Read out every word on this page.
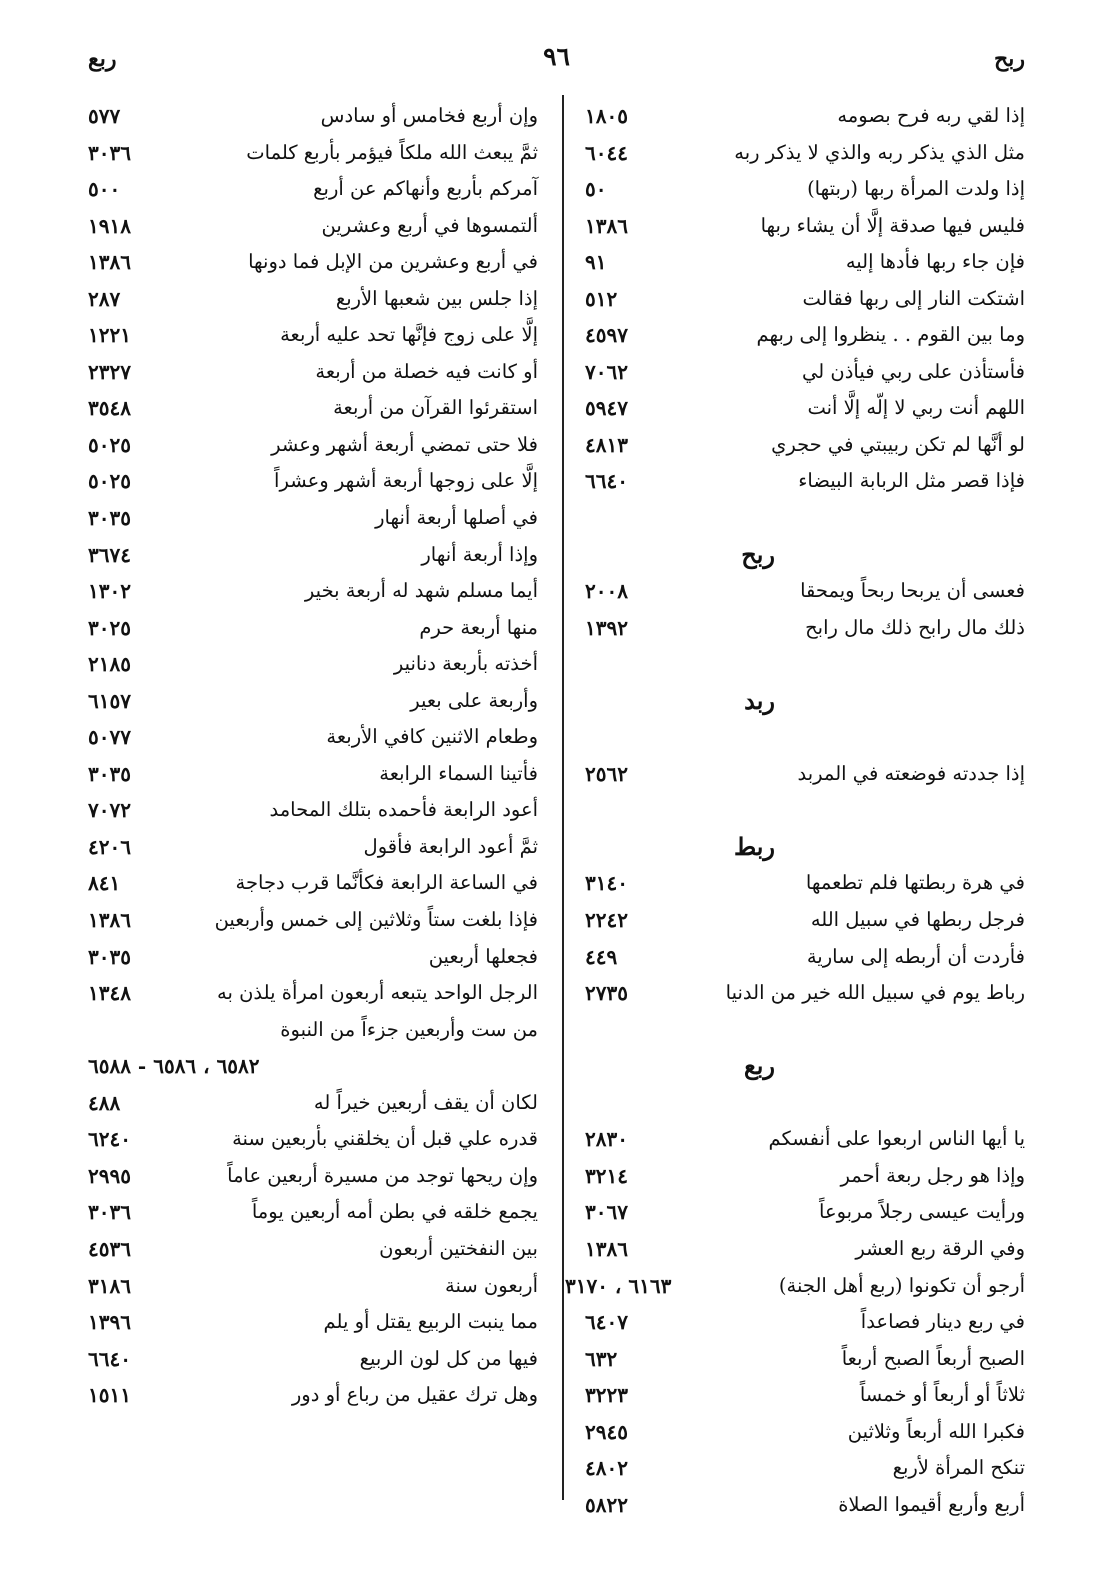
ربح
٩٦
ربع
إذا لقي ربه فرح بصومه
١٨٠٥
مثل الذي يذكر ربه والذي لا يذكر ربه
٦٠٤٤
إذا ولدت المرأة ربها (ربتها)
٥٠
فليس فيها صدقة إلَّا أن يشاء ربها
١٣٨٦
فإن جاء ربها فأدها إليه
٩١
اشتكت النار إلى ربها فقالت
٥١٢
وما بين القوم . . ينظروا إلى ربهم
٤٥٩٧
فأستأذن على ربي فيأذن لي
٧٠٦٢
اللهم أنت ربي لا إلّه إلَّا أنت
٥٩٤٧
لو أنَّها لم تكن ربيبتي في حجري
٤٨١٣
فإذا قصر مثل الربابة البيضاء
٦٦٤٠
ربح
فعسى أن يربحا ربحاً ويمحقا
٢٠٠٨
ذلك مال رابح ذلك مال رابح
١٣٩٢
ربد
إذا جددته فوضعته في المربد
٢٥٦٢
ربط
في هرة ربطتها فلم تطعمها
٣١٤٠
فرجل ربطها في سبيل الله
٢٢٤٢
فأردت أن أربطه إلى سارية
٤٤٩
رباط يوم في سبيل الله خير من الدنيا
٢٧٣٥
ربع
يا أيها الناس اربعوا على أنفسكم
٢٨٣٠
وإذا هو رجل ربعة أحمر
٣٢١٤
ورأيت عيسى رجلاً مربوعاً
٣٠٦٧
وفي الرقة ربع العشر
١٣٨٦
أرجو أن تكونوا (ربع أهل الجنة)
٦١٦٣ ، ٣١٧٠
في ربع دينار فصاعداً
٦٤٠٧
الصبح أربعاً الصبح أربعاً
٦٣٢
ثلاثاً أو أربعاً أو خمساً
٣٢٢٣
فكبرا الله أربعاً وثلاثين
٢٩٤٥
تنكح المرأة لأربع
٤٨٠٢
أربع وأربع أقيموا الصلاة
٥٨٢٢
وإن أربع فخامس أو سادس
٥٧٧
ثمَّ يبعث الله ملكاً فيؤمر بأربع كلمات
٣٠٣٦
آمركم بأربع وأنهاكم عن أربع
٥٠٠
ألتمسوها في أربع وعشرين
١٩١٨
في أربع وعشرين من الإبل فما دونها
١٣٨٦
إذا جلس بين شعبها الأربع
٢٨٧
إلَّا على زوج فإنَّها تحد عليه أربعة
١٢٢١
أو كانت فيه خصلة من أربعة
٢٣٢٧
استقرئوا القرآن من أربعة
٣٥٤٨
فلا حتى تمضي أربعة أشهر وعشر
٥٠٢٥
إلَّا على زوجها أربعة أشهر وعشراً
٥٠٢٥
في أصلها أربعة أنهار
٣٠٣٥
وإذا أربعة أنهار
٣٦٧٤
أيما مسلم شهد له أربعة بخير
١٣٠٢
منها أربعة حرم
٣٠٢٥
أخذته بأربعة دنانير
٢١٨٥
وأربعة على بعير
٦١٥٧
وطعام الاثنين كافي الأربعة
٥٠٧٧
فأتينا السماء الرابعة
٣٠٣٥
أعود الرابعة فأحمده بتلك المحامد
٧٠٧٢
ثمَّ أعود الرابعة فأقول
٤٢٠٦
في الساعة الرابعة فكأنَّما قرب دجاجة
٨٤١
فإذا بلغت ستاً وثلاثين إلى خمس وأربعين
١٣٨٦
فجعلها أربعين
٣٠٣٥
الرجل الواحد يتبعه أربعون امرأة يلذن به
١٣٤٨
من ست وأربعين جزءاً من النبوة
٦٥٨٢ ، ٦٥٨٦ - ٦٥٨٨
لكان أن يقف أربعين خيراً له
٤٨٨
قدره علي قبل أن يخلقني بأربعين سنة
٦٢٤٠
وإن ريحها توجد من مسيرة أربعين عاماً
٢٩٩٥
يجمع خلقه في بطن أمه أربعين يوماً
٣٠٣٦
بين النفختين أربعون
٤٥٣٦
أربعون سنة
٣١٨٦
مما ينبت الربيع يقتل أو يلم
١٣٩٦
فيها من كل لون الربيع
٦٦٤٠
وهل ترك عقيل من رباع أو دور
١٥١١
